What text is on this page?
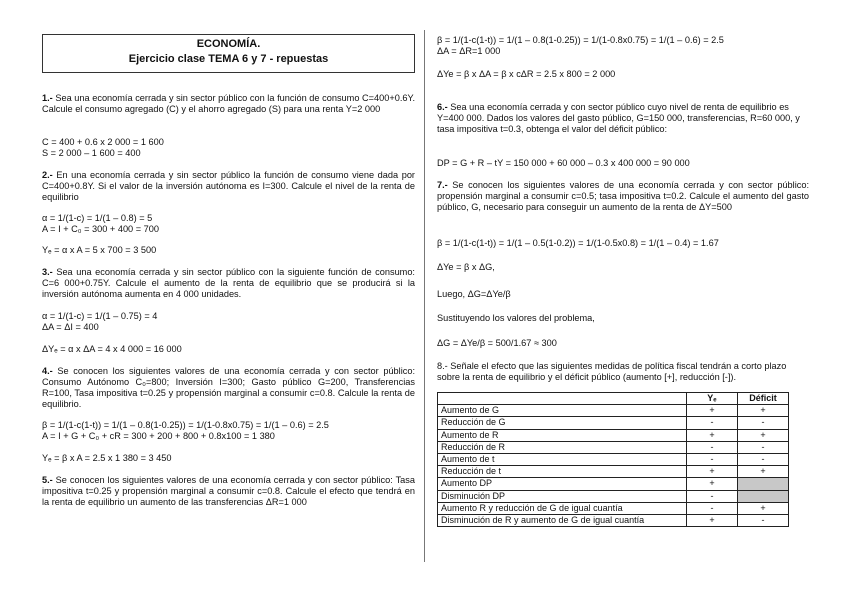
ECONOMÍA.
Ejercicio clase TEMA 6 y 7 - repuestas

1.- Sea una economía cerrada y sin sector público con la función de consumo C=400+0.6Y. Calcule el consumo agregado (C) y el ahorro agregado (S) para una renta Y=2 000

C = 400 + 0.6 x 2 000 = 1 600

S = 2 000 – 1 600 = 400

2.- En una economía cerrada y sin sector público la función de consumo viene dada por C=400+0.8Y. Si el valor de la inversión autónoma es I=300. Calcule el nivel de la renta de equilibrio

α = 1/(1-c) = 1/(1 – 0.8) = 5

A = I + C₀ = 300 + 400 = 700

Yₑ = α x A = 5 x 700 = 3 500

3.- Sea una economía cerrada y sin sector público con la siguiente función de consumo: C=6 000+0.75Y. Calcule el aumento de la renta de equilibrio que se producirá si la inversión autónoma aumenta en 4 000 unidades.

α = 1/(1-c) = 1/(1 – 0.75) = 4

ΔA = ΔI = 400

ΔYₑ = α x ΔA = 4 x 4 000 = 16 000

4.- Se conocen los siguientes valores de una economía cerrada y con sector público: Consumo Autónomo C₀=800; Inversión I=300; Gasto público G=200, Transferencias R=100, Tasa impositiva t=0.25 y propensión marginal a consumir c=0.8. Calcule la renta de equilibrio.

β = 1/(1-c(1-t)) = 1/(1 – 0.8(1-0.25)) = 1/(1-0.8x0.75) = 1/(1 – 0.6) = 2.5

A = I + G + C₀ + cR = 300 + 200 + 800 + 0.8x100 = 1 380

Yₑ = β x A = 2.5 x 1 380 = 3 450

5.- Se conocen los siguientes valores de una economía cerrada y con sector público: Tasa impositiva t=0.25 y propensión marginal a consumir c=0.8. Calcule el efecto que tendrá en la renta de equilibrio un aumento de las transferencias ΔR=1 000

β = 1/(1-c(1-t)) = 1/(1 – 0.8(1-0.25)) = 1/(1-0.8x0.75) = 1/(1 – 0.6) = 2.5

ΔA = ΔR=1 000

ΔYe = β x ΔA = β x cΔR = 2.5 x 800 = 2 000

6.- Sea una economía cerrada y con sector público cuyo nivel de renta de equilibrio es Y=400 000. Dados los valores del gasto público, G=150 000, transferencias, R=60 000, y tasa impositiva t=0.3, obtenga el valor del déficit público:

DP = G + R – tY = 150 000 + 60 000 – 0.3 x 400 000 = 90 000

7.- Se conocen los siguientes valores de una economía cerrada y con sector público: propensión marginal a consumir c=0.5; tasa impositiva t=0.2. Calcule el aumento del gasto público, G, necesario para conseguir un aumento de la renta de ΔY=500

β = 1/(1-c(1-t)) = 1/(1 – 0.5(1-0.2)) = 1/(1-0.5x0.8) = 1/(1 – 0.4) = 1.67

ΔYe = β x ΔG,

Luego, ΔG=ΔYe/β

Sustituyendo los valores del problema,

ΔG = ΔYe/β = 500/1.67 ≈ 300

8.- Señale el efecto que las siguientes medidas de política fiscal tendrán a corto plazo sobre la renta de equilibrio y el déficit público (aumento [+], reducción [-]).

	Yₑ	Déficit
Aumento de G	+	+
Reducción de G	-	-
Aumento de R	+	+
Reducción de R	-	-
Aumento de t	-	-
Reducción de t	+	+
Aumento DP	+	
Disminución DP	-	
Aumento R y reducción de G de igual cuantía	-	+
Disminución de R y aumento de G de igual cuantía	+	-
